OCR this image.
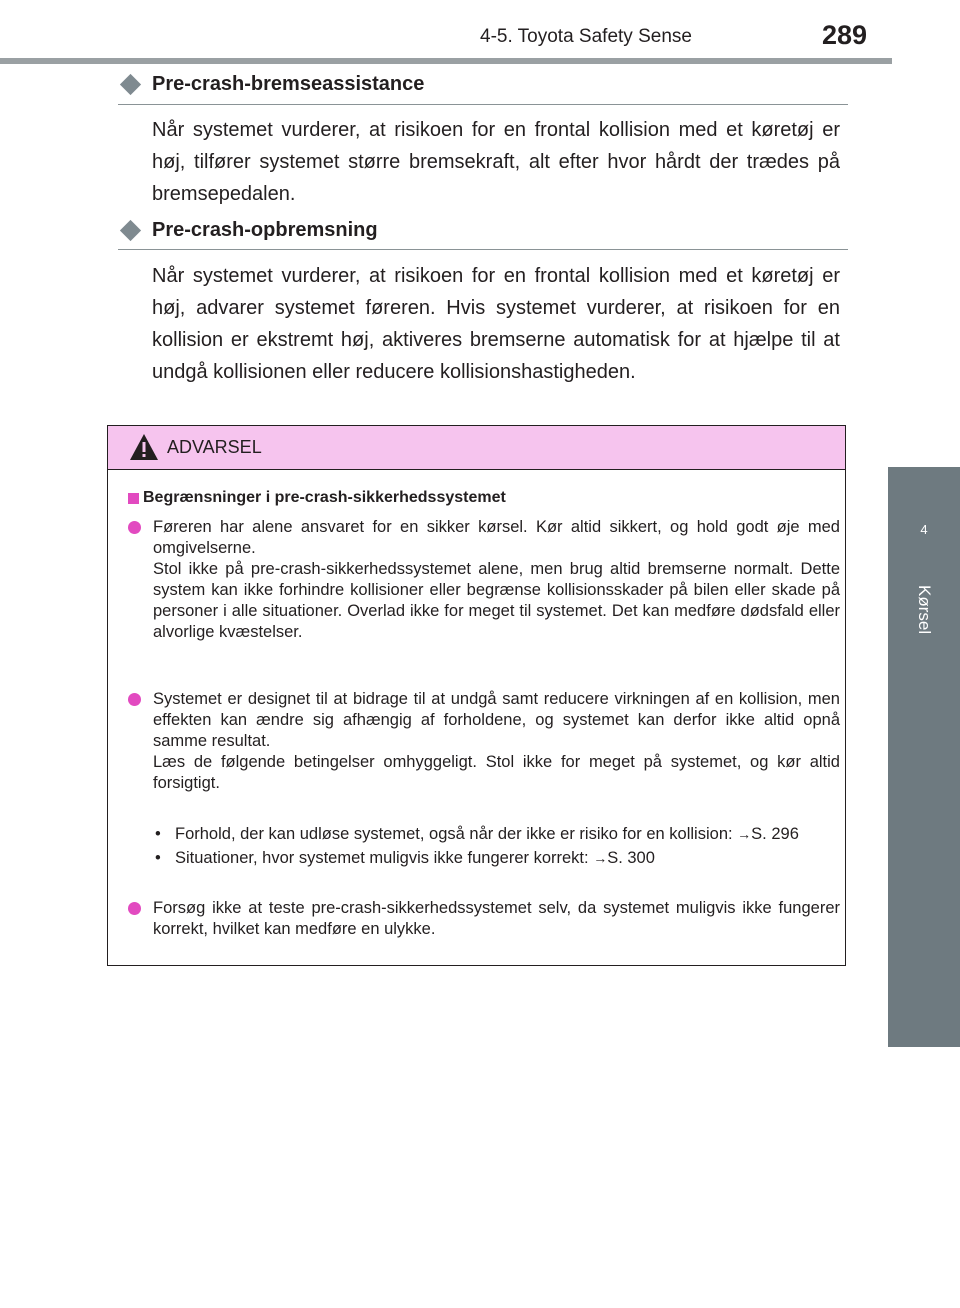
4-5. Toyota Safety Sense	289
4
Kørsel
Pre-crash-bremseassistance
Når systemet vurderer, at risikoen for en frontal kollision med et køretøj er høj, tilfører systemet større bremsekraft, alt efter hvor hårdt der trædes på bremsepedalen.
Pre-crash-opbremsning
Når systemet vurderer, at risikoen for en frontal kollision med et køretøj er høj, advarer systemet føreren. Hvis systemet vurderer, at risikoen for en kollision er ekstremt høj, aktiveres bremserne automatisk for at hjælpe til at undgå kollisionen eller reducere kollisionshastigheden.
ADVARSEL
Begrænsninger i pre-crash-sikkerhedssystemet
Føreren har alene ansvaret for en sikker kørsel. Kør altid sikkert, og hold godt øje med omgivelserne.
Stol ikke på pre-crash-sikkerhedssystemet alene, men brug altid bremserne normalt. Dette system kan ikke forhindre kollisioner eller begrænse kollisionsskader på bilen eller skade på personer i alle situationer. Overlad ikke for meget til systemet. Det kan medføre dødsfald eller alvorlige kvæstelser.
Systemet er designet til at bidrage til at undgå samt reducere virkningen af en kollision, men effekten kan ændre sig afhængig af forholdene, og systemet kan derfor ikke altid opnå samme resultat.
Læs de følgende betingelser omhyggeligt. Stol ikke for meget på systemet, og kør altid forsigtigt.
• Forhold, der kan udløse systemet, også når der ikke er risiko for en kollision: →S. 296
• Situationer, hvor systemet muligvis ikke fungerer korrekt: →S. 300
Forsøg ikke at teste pre-crash-sikkerhedssystemet selv, da systemet muligvis ikke fungerer korrekt, hvilket kan medføre en ulykke.
